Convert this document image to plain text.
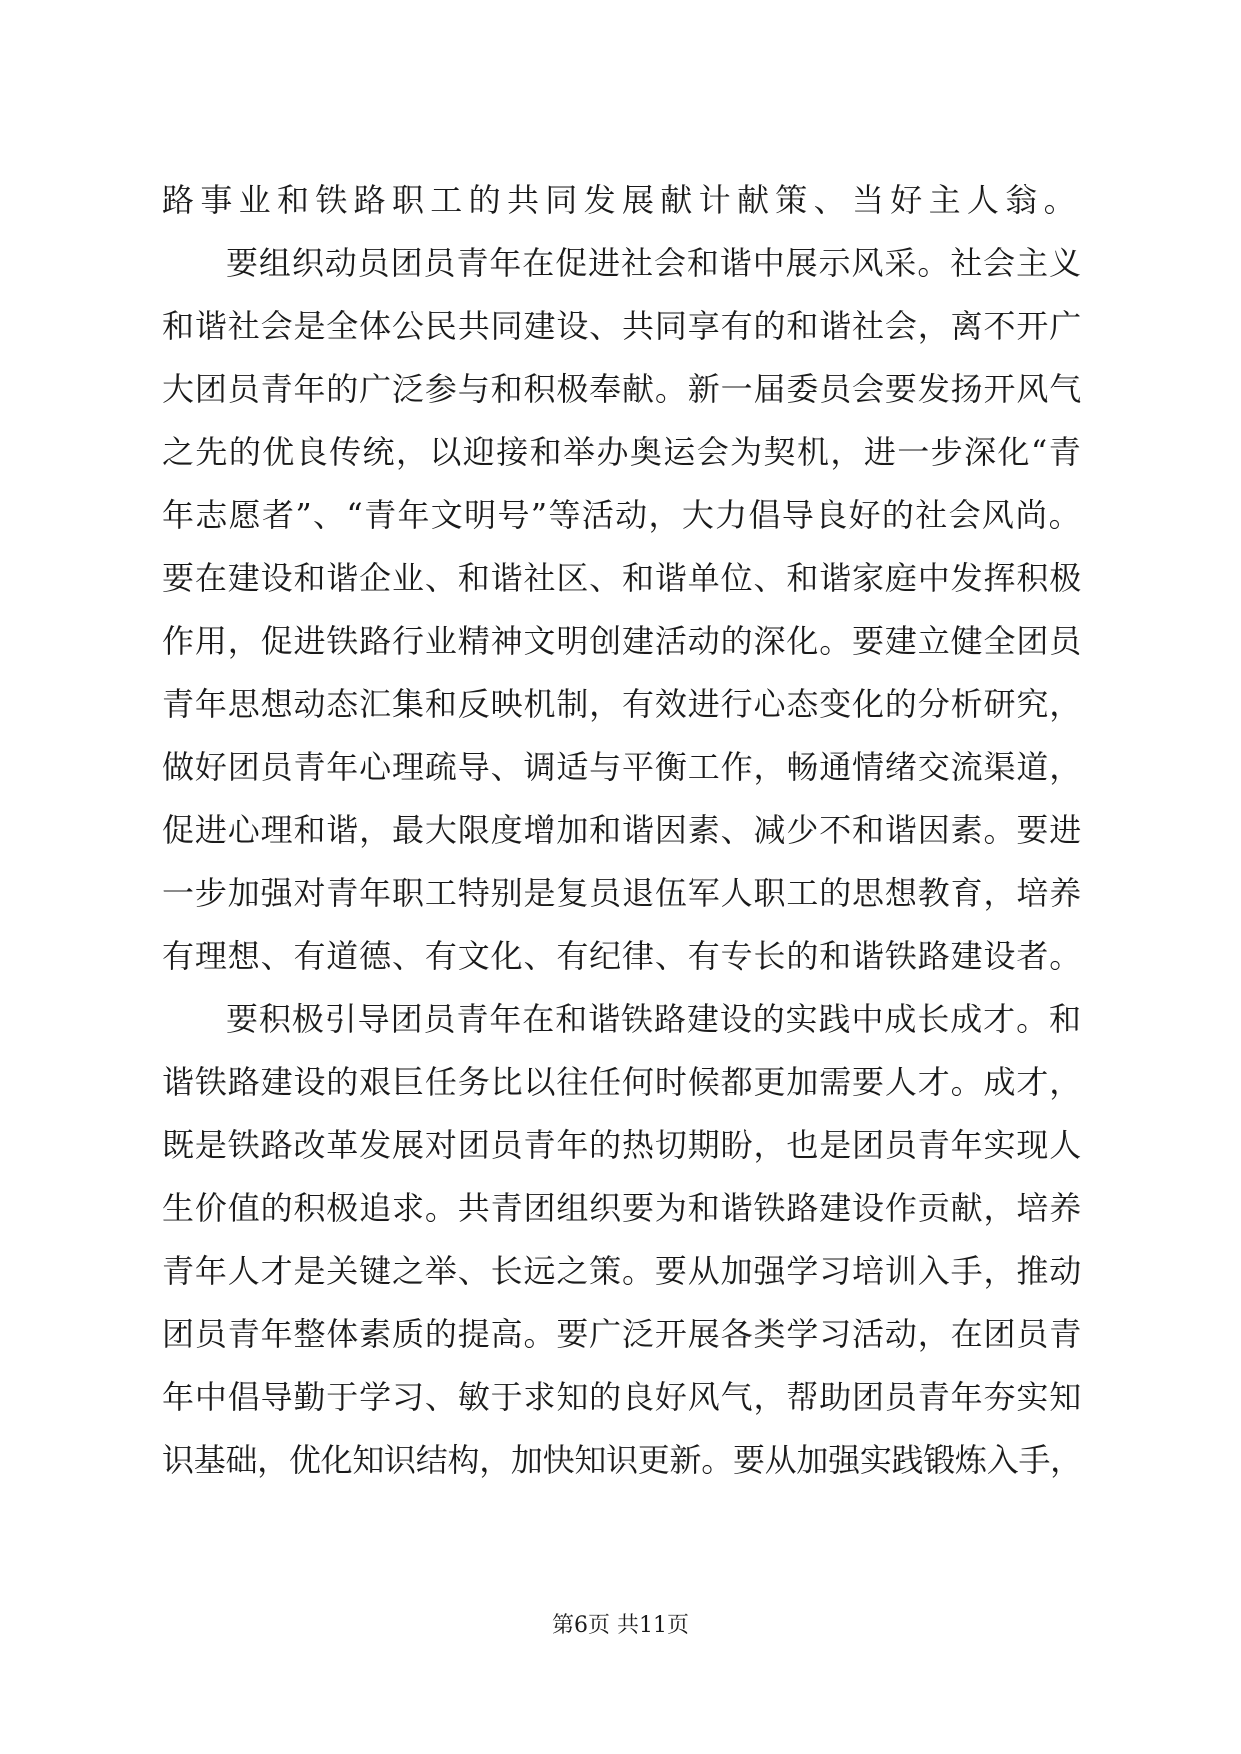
路事业和铁路职工的共同发展献计献策、当好主人翁。
要组织动员团员青年在促进社会和谐中展示风采。社会主义
和谐社会是全体公民共同建设、共同享有的和谐社会，离不开广
大团员青年的广泛参与和积极奉献。新一届委员会要发扬开风气
之先的优良传统，以迎接和举办奥运会为契机，进一步深化“青
年志愿者”、“青年文明号”等活动，大力倡导良好的社会风尚。
要在建设和谐企业、和谐社区、和谐单位、和谐家庭中发挥积极
作用，促进铁路行业精神文明创建活动的深化。要建立健全团员
青年思想动态汇集和反映机制，有效进行心态变化的分析研究，
做好团员青年心理疏导、调适与平衡工作，畅通情绪交流渠道，
促进心理和谐，最大限度增加和谐因素、减少不和谐因素。要进
一步加强对青年职工特别是复员退伍军人职工的思想教育，培养
有理想、有道德、有文化、有纪律、有专长的和谐铁路建设者。
要积极引导团员青年在和谐铁路建设的实践中成长成才。和
谐铁路建设的艰巨任务比以往任何时候都更加需要人才。成才，
既是铁路改革发展对团员青年的热切期盼，也是团员青年实现人
生价值的积极追求。共青团组织要为和谐铁路建设作贡献，培养
青年人才是关键之举、长远之策。要从加强学习培训入手，推动
团员青年整体素质的提高。要广泛开展各类学习活动，在团员青
年中倡导勤于学习、敏于求知的良好风气，帮助团员青年夯实知
识基础，优化知识结构，加快知识更新。要从加强实践锻炼入手，
第6页 共11页
